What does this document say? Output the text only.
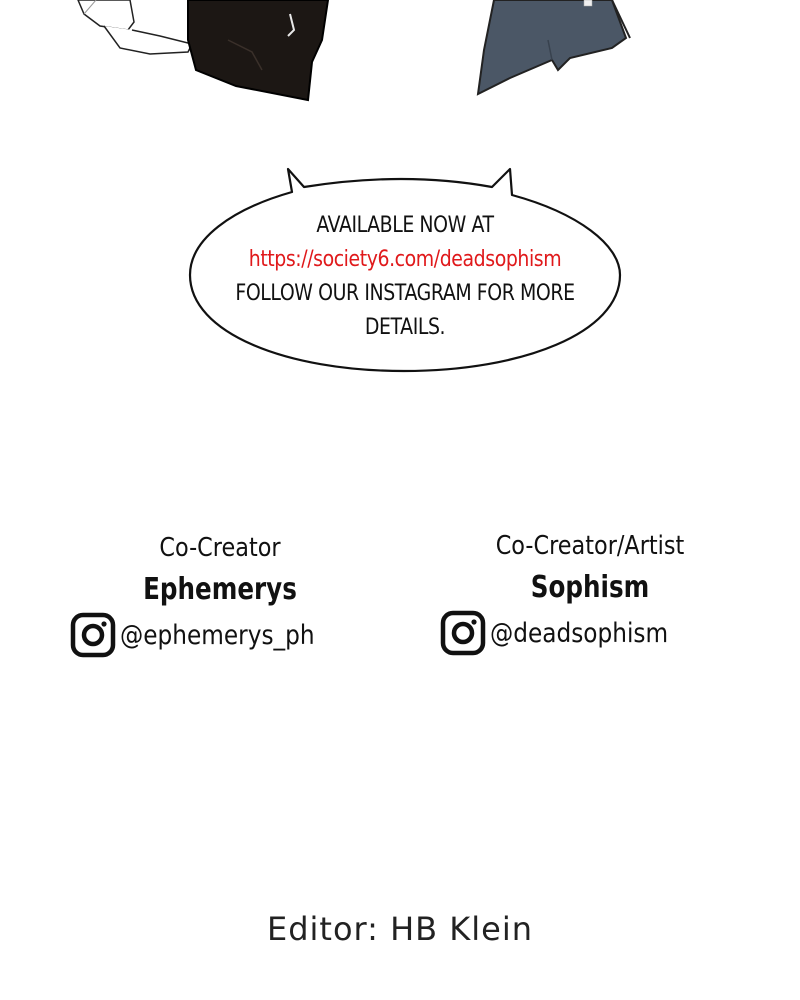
AVAILABLE NOW AT
https://society6.com/deadsophism
FOLLOW OUR INSTAGRAM FOR MORE
DETAILS.
Co-Creator
Ephemerys
@ephemerys_ph
Co-Creator/Artist
Sophism
@deadsophism
Editor: HB Klein
